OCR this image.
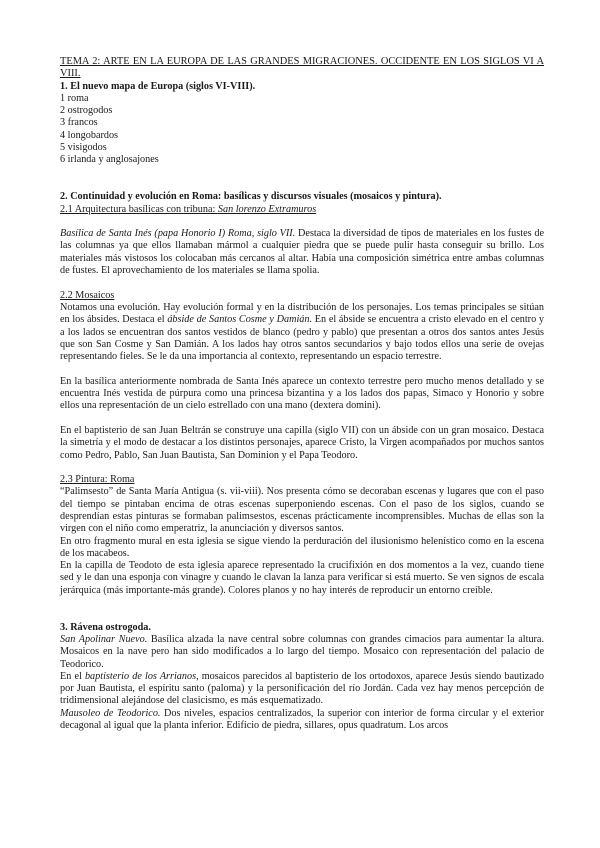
TEMA 2: ARTE EN LA EUROPA DE LAS GRANDES MIGRACIONES. OCCIDENTE EN LOS SIGLOS VI A VIII.

1. El nuevo mapa de Europa (siglos VI-VIII).

1 roma
2 ostrogodos
3 francos
4 longobardos
5 visigodos
6 irlanda y anglosajones

2. Continuidad y evolución en Roma: basílicas y discursos visuales (mosaicos y pintura).

2.1 Arquitectura basílicas con tribuna: San lorenzo Extramuros

Basílica de Santa Inés (papa Honorio I) Roma, siglo VII. Destaca la diversidad de tipos de materiales en los fustes de las columnas ya que ellos llamaban mármol a cualquier piedra que se puede pulir hasta conseguir su brillo. Los materiales más vistosos los colocaban más cercanos al altar. Había una composición simétrica entre ambas columnas de fustes. El aprovechamiento de los materiales se llama spolia.

2.2 Mosaicos

Notamos una evolución. Hay evolución formal y en la distribución de los personajes. Los temas principales se sitúan en los ábsides. Destaca el ábside de Santos Cosme y Damián. En el ábside se encuentra a cristo elevado en el centro y a los lados se encuentran dos santos vestidos de blanco (pedro y pablo) que presentan a otros dos santos antes Jesús que son San Cosme y San Damián. A los lados hay otros santos secundarios y bajo todos ellos una serie de ovejas representando fieles. Se le da una importancia al contexto, representando un espacio terrestre.

En la basílica anteriormente nombrada de Santa Inés aparece un contexto terrestre pero mucho menos detallado y se encuentra Inés vestida de púrpura como una princesa bizantina y a los lados dos papas, Simaco y Honorio y sobre ellos una representación de un cielo estrellado con una mano (dextera domini).

En el baptisterio de san Juan Beltrán se construye una capilla (siglo VII) con un ábside con un gran mosaico. Destaca la simetría y el modo de destacar a los distintos personajes, aparece Cristo, la Virgen acompañados por muchos santos como Pedro, Pablo, San Juan Bautista, San Dominion y el Papa Teodoro.

2.3 Pintura: Roma

“Palimsesto” de Santa María Antigua (s. vii-viii). Nos presenta cómo se decoraban escenas y lugares que con el paso del tiempo se pintaban encima de otras escenas superponiendo escenas. Con el paso de los siglos, cuando se desprendían estas pinturas se formaban palimsestos, escenas prácticamente incomprensibles. Muchas de ellas son la virgen con el niño como emperatriz, la anunciación y diversos santos.

En otro fragmento mural en esta iglesia se sigue viendo la perduración del ilusionismo helenístico como en la escena de los macabeos.

En la capilla de Teodoto de esta iglesia aparece representado la crucifixión en dos momentos a la vez, cuando tiene sed y le dan una esponja con vinagre y cuando le clavan la lanza para verificar si está muerto. Se ven signos de escala jerárquica (más importante-más grande). Colores planos y no hay interés de reproducir un entorno creíble.

3. Rávena ostrogoda.

San Apolinar Nuevo. Basílica alzada la nave central sobre columnas con grandes cimacios para aumentar la altura. Mosaicos en la nave pero han sido modificados a lo largo del tiempo. Mosaico con representación del palacio de Teodorico.

En el baptisterio de los Arrianos, mosaicos parecidos al baptisterio de los ortodoxos, aparece Jesús siendo bautizado por Juan Bautista, el espíritu santo (paloma) y la personificación del río Jordán. Cada vez hay menos percepción de tridimensional alejándose del clasicismo, es más esquematizado.

Mausoleo de Teodorico. Dos niveles, espacios centralizados, la superior con interior de forma circular y el exterior decagonal al igual que la planta inferior. Edificio de piedra, sillares, opus quadratum. Los arcos
